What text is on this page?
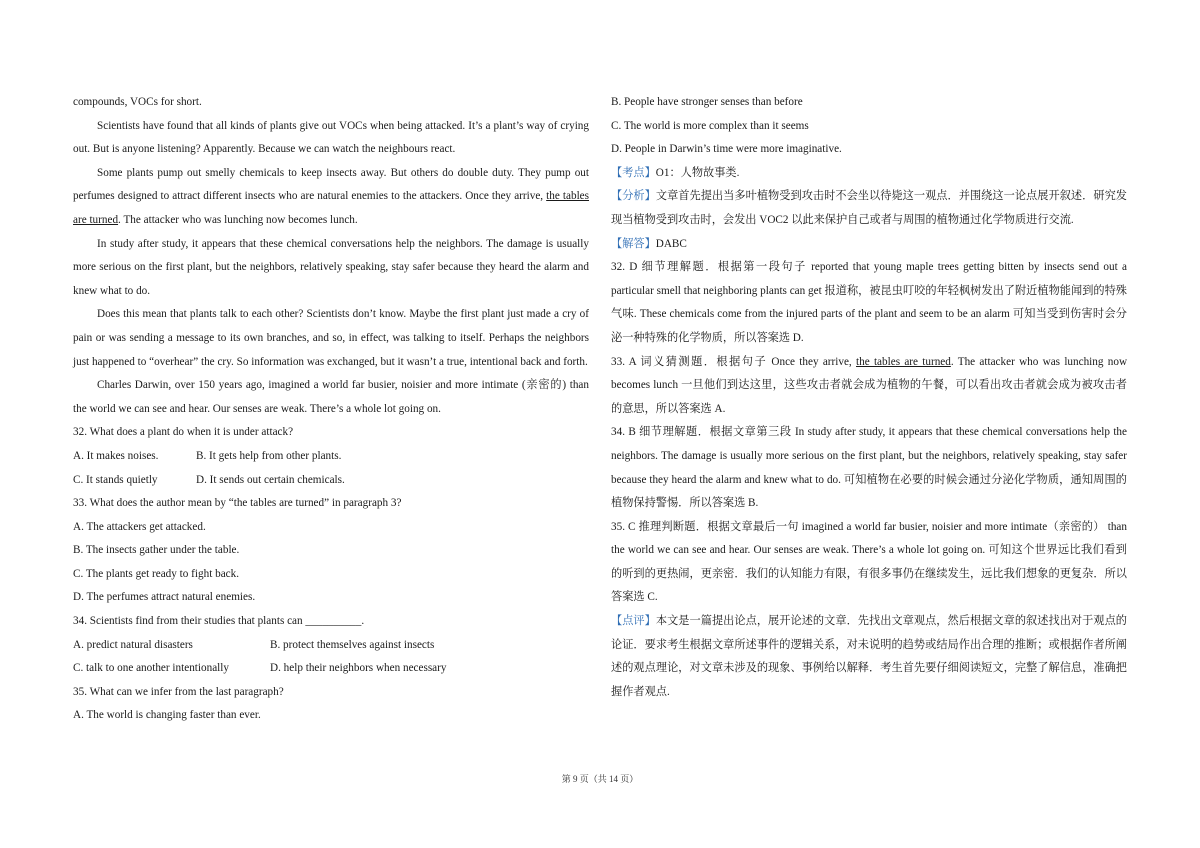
compounds, VOCs for short.

Scientists have found that all kinds of plants give out VOCs when being attacked. It’s a plant’s way of crying out. But is anyone listening? Apparently. Because we can watch the neighbours react.

Some plants pump out smelly chemicals to keep insects away. But others do double duty. They pump out perfumes designed to attract different insects who are natural enemies to the attackers. Once they arrive, the tables are turned. The attacker who was lunching now becomes lunch.

In study after study, it appears that these chemical conversations help the neighbors. The damage is usually more serious on the first plant, but the neighbors, relatively speaking, stay safer because they heard the alarm and knew what to do.

Does this mean that plants talk to each other? Scientists don’t know. Maybe the first plant just made a cry of pain or was sending a message to its own branches, and so, in effect, was talking to itself. Perhaps the neighbors just happened to “overhear” the cry. So information was exchanged, but it wasn’t a true, intentional back and forth.

Charles Darwin, over 150 years ago, imagined a world far busier, noisier and more intimate (亲密的) than the world we can see and hear. Our senses are weak. There’s a whole lot going on.

32. What does a plant do when it is under attack?

A. It makes noises.	B. It gets help from other plants.

C. It stands quietly	D. It sends out certain chemicals.

33. What does the author mean by “the tables are turned” in paragraph 3?

A. The attackers get attacked.

B. The insects gather under the table.

C. The plants get ready to fight back.

D. The perfumes attract natural enemies.

34. Scientists find from their studies that plants can __________.

A. predict natural disasters	B. protect themselves against insects

C. talk to one another intentionally	D. help their neighbors when necessary

35. What can we infer from the last paragraph?

A. The world is changing faster than ever.

B. People have stronger senses than before

C. The world is more complex than it seems

D. People in Darwin’s time were more imaginative.

【考点】O1：人物故事类.

【分析】文章首先提出当多叶植物受到攻击时不会坐以待毙这一观点．并围绕这一论点展开叙述．研究发现当植物受到攻击时，会发出 VOC2 以此来保护自己或者与周围的植物通过化学物质进行交流.

【解答】DABC

32. D 细节理解题．根据第一段句子 reported that young maple trees getting bitten by insects send out a particular smell that neighboring plants can get 报道称，被昆虫叮咬的年轻枫树发出了附近植物能闻到的特殊气味. These chemicals come from the injured parts of the plant and seem to be an alarm 可知当受到伤害时会分泌一种特殊的化学物质，所以答案选 D.

33. A 词义猜测题．根据句子 Once they arrive, the tables are turned. The attacker who was lunching now becomes lunch 一旦他们到达这里，这些攻击者就会成为植物的午餐，可以看出攻击者就会成为被攻击者的意思，所以答案选 A.

34. B 细节理解题．根据文章第三段 In study after study, it appears that these chemical conversations help the neighbors. The damage is usually more serious on the first plant, but the neighbors, relatively speaking, stay safer because they heard the alarm and knew what to do. 可知植物在必要的时候会通过分泌化学物质，通知周围的植物保持警惕．所以答案选 B.

35. C 推理判断题．根据文章最后一句 imagined a world far busier, noisier and more intimate（亲密的） than the world we can see and hear. Our senses are weak. There’s a whole lot going on. 可知这个世界远比我们看到的听到的更热闹，更亲密．我们的认知能力有限，有很多事仍在继续发生，远比我们想象的更复杂．所以答案选 C.

【点评】本文是一篇提出论点，展开论述的文章．先找出文章观点，然后根据文章的叙述找出对于观点的论证．要求考生根据文章所述事件的逻辑关系，对未说明的趋势或结局作出合理的推断；或根据作者所阐述的观点理论，对文章未涉及的现象、事例给以解释．考生首先要仔细阅读短文，完整了解信息，准确把握作者观点.

第 9 页（共 14 页）
